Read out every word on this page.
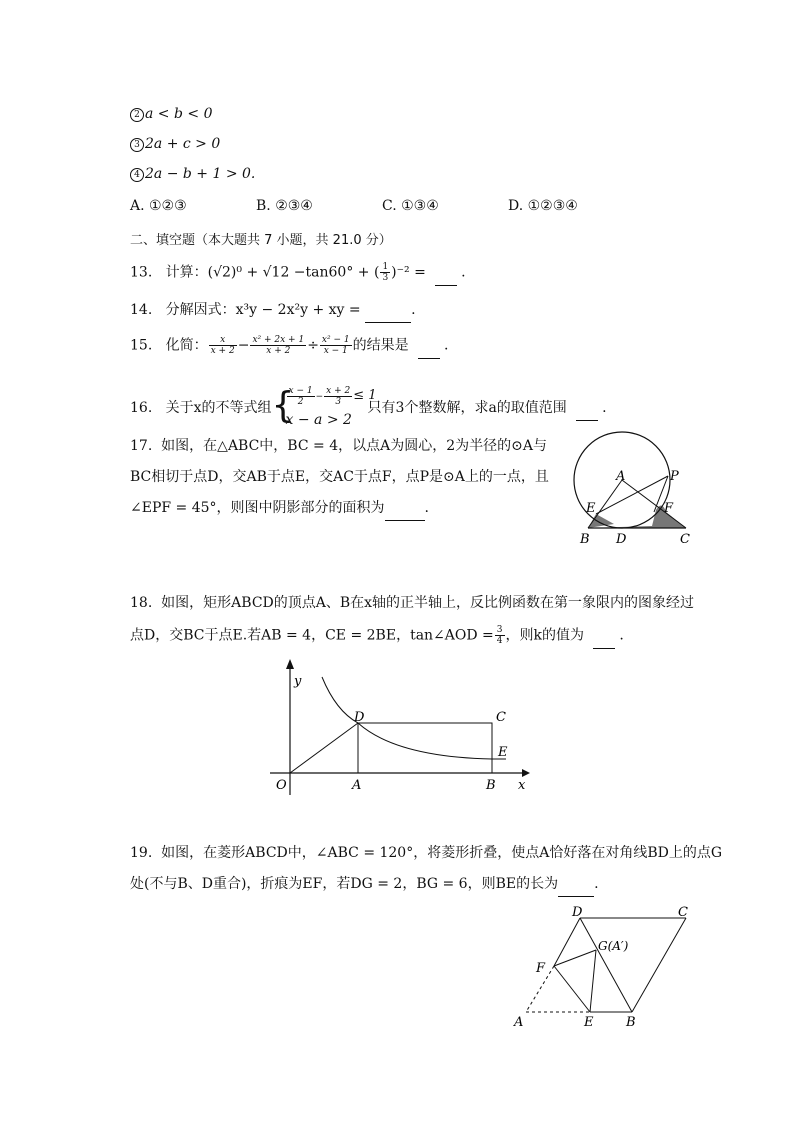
2 a < b < 0
3 2a + c > 0
4 2a − b + 1 > 0.
A. ①②③	B. ②③④	C. ①③④	D. ①②③④
二、填空题（本大题共 7 小题，共 21.0 分）
13. 计算：(√2)⁰ + √12 −tan60° + ( $\frac{1}{3} )^{-2}$ =    .
14. 分解因式：x³y − 2x²y + xy =	.
15. 化简： $\frac{x}{x + 2} - \frac{\text{x² + 2x + 1}}{x + 2} \div \frac{\text{x² − 1}}{x - 1}$ 的结果是    .
16. 关于x的不等式组 {
$\frac{x - 1}{2} - \frac{x + 2}{3} \le 1$
x − a > 2
只有3个整数解，求a的取值范围    .
17. 如图，在△ABC中，BC = 4，以点A为圆心，2为半径的⊙A与
BC相切于点D，交AB于点E，交AC于点F，点P是⊙A上的一点，且
∠EPF = 45°，则图中阴影部分的面积为	.
A	P
E	F
B D	C
18. 如图，矩形ABCD的顶点A、B在x轴的正半轴上，反比例函数在第一象限内的图象经过
点D，交BC于点E.若AB = 4，CE = 2BE，tan∠AOD = $\frac{3}{4}$ ，则k的值为    .
y
x
O	A	B
C
D
E
19. 如图，在菱形ABCD中，∠ABC = 120°，将菱形折叠，使点A恰好落在对角线BD上的点G
处(不与B、D重合)，折痕为EF，若DG = 2，BG = 6，则BE的长为	.
D	C
G(A′)
F
A	E	B
